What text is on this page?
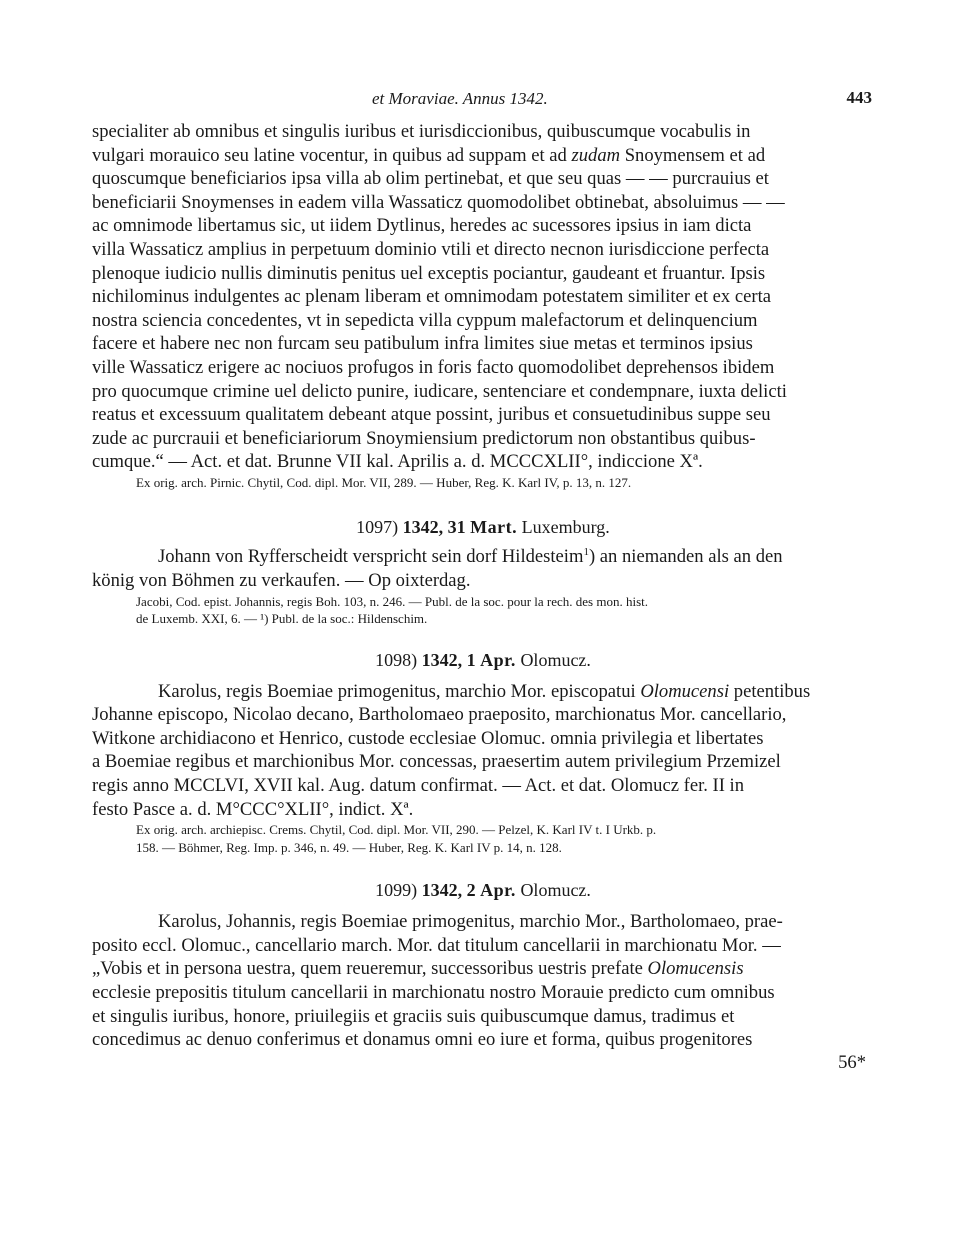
et Moraviae. Annus 1342.	443

specialiter ab omnibus et singulis iuribus et iurisdiccionibus, quibuscumque vocabulis in

vulgari morauico seu latine vocentur, in quibus ad suppam et ad zudam Snoymensem et ad

quoscumque beneficiarios ipsa villa ab olim pertinebat, et que seu quas — — purcrauius et

beneficiarii Snoymenses in eadem villa Wassaticz quomodolibet obtinebat, absoluimus — —

ac omnimode libertamus sic, ut iidem Dytlinus, heredes ac sucessores ipsius in iam dicta

villa Wassaticz amplius in perpetuum dominio vtili et directo necnon iurisdiccione perfecta

plenoque iudicio nullis diminutis penitus uel exceptis pociantur, gaudeant et fruantur. Ipsis

nichilominus indulgentes ac plenam liberam et omnimodam potestatem similiter et ex certa

nostra sciencia concedentes, vt in sepedicta villa cyppum malefactorum et delinquencium

facere et habere nec non furcam seu patibulum infra limites siue metas et terminos ipsius

ville Wassaticz erigere ac nociuos profugos in foris facto quomodolibet deprehensos ibidem

pro quocumque crimine uel delicto punire, iudicare, sentenciare et condempnare, iuxta delicti

reatus et excessuum qualitatem debeant atque possint, juribus et consuetudinibus suppe seu

zude ac purcrauii et beneficiariorum Snoymiensium predictorum non obstantibus quibus-

cumque.“ — Act. et dat. Brunne VII kal. Aprilis a. d. MCCCXLII°, indiccione Xª.

Ex orig. arch. Pirnic. Chytil, Cod. dipl. Mor. VII, 289. — Huber, Reg. K. Karl IV, p. 13, n. 127.

1097) 1342, 31 Mart. Luxemburg.

Johann von Ryfferscheidt verspricht sein dorf Hildesteim$^1$) an niemanden als an den

könig von Böhmen zu verkaufen. — Op oixterdag.

Jacobi, Cod. epist. Johannis, regis Boh. 103, n. 246. — Publ. de la soc. pour la rech. des mon. hist.

de Luxemb. XXI, 6. — ¹) Publ. de la soc.: Hildenschim.

1098) 1342, 1 Apr. Olomucz.

Karolus, regis Boemiae primogenitus, marchio Mor. episcopatui Olomucensi petentibus

Johanne episcopo, Nicolao decano, Bartholomaeo praeposito, marchionatus Mor. cancellario,

Witkone archidiacono et Henrico, custode ecclesiae Olomuc. omnia privilegia et libertates

a Boemiae regibus et marchionibus Mor. concessas, praesertim autem privilegium Przemizel

regis anno MCCLVI, XVII kal. Aug. datum confirmat. — Act. et dat. Olomucz fer. II in

festo Pasce a. d. M°CCC°XLII°, indict. Xª.

Ex orig. arch. archiepisc. Crems. Chytil, Cod. dipl. Mor. VII, 290. — Pelzel, K. Karl IV t. I Urkb. p.

158. — Böhmer, Reg. Imp. p. 346, n. 49. — Huber, Reg. K. Karl IV p. 14, n. 128.

1099) 1342, 2 Apr. Olomucz.

Karolus, Johannis, regis Boemiae primogenitus, marchio Mor., Bartholomaeo, prae-

posito eccl. Olomuc., cancellario march. Mor. dat titulum cancellarii in marchionatu Mor. —

„Vobis et in persona uestra, quem reueremur, successoribus uestris prefate Olomucensis

ecclesie prepositis titulum cancellarii in marchionatu nostro Morauie predicto cum omnibus

et singulis iuribus, honore, priuilegiis et graciis suis quibuscumque damus, tradimus et

concedimus ac denuo conferimus et donamus omni eo iure et forma, quibus progenitores

56*
